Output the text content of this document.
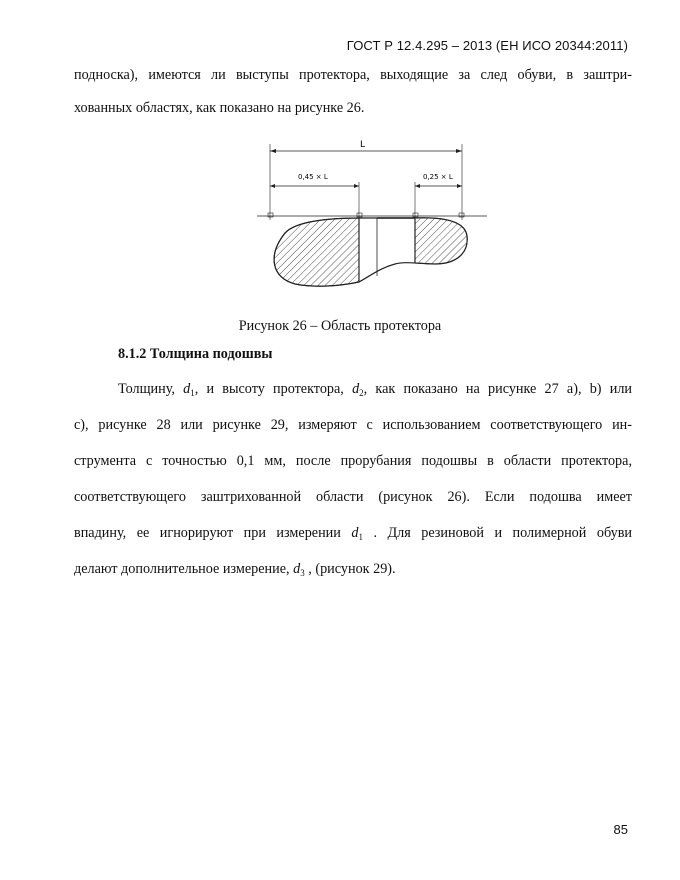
ГОСТ Р 12.4.295 – 2013 (ЕН ИСО 20344:2011)
подноска), имеются ли выступы протектора, выходящие за след обуви, в заштри-
хованных областях, как показано на рисунке 26.
L
0,45 × L	0,25 × L
Рисунок 26 – Область протектора
8.1.2 Толщина подошвы
Толщину, $d_1$, и высоту протектора, $d_2$, как показано на рисунке 27 a), b) или
c), рисунке 28 или рисунке 29, измеряют с использованием соответствующего ин-
струмента с точностью 0,1 мм, после прорубания подошвы в области протектора,
соответствующего заштрихованной области (рисунок 26). Если подошва имеет
впадину, ее игнорируют при измерении $d_1$ . Для резиновой и полимерной обуви
делают дополнительное измерение, $d_3$ , (рисунок 29).
85
